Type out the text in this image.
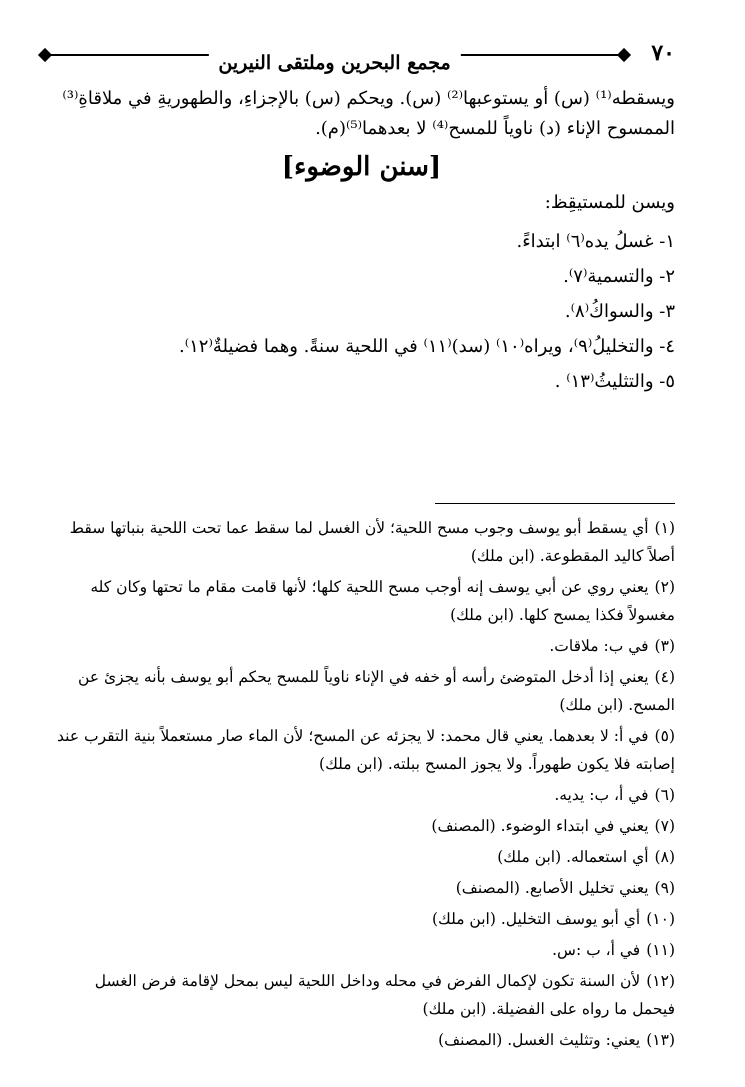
٧٠
مجمع البحرين وملتقى النيرين

ويسقطه⁽¹⁾ (س) أو يستوعبها⁽²⁾ (س). ويحكم (س) بالإجزاءِ، والطهوريةِ في ملاقاةِ⁽³⁾ الممسوح الإناء (د) ناوياً للمسح⁽⁴⁾ لا بعدهما⁽⁵⁾(م).

[سنن الوضوء]

ويسن للمستيقِظ:

١- غسلُ يده⁽٦⁾ ابتداءً.
٢- والتسمية⁽٧⁾.
٣- والسواكُ⁽٨⁾.
٤- والتخليلُ⁽٩⁾، ويراه⁽١٠⁾ (سد)⁽١١⁾ في اللحية سنةً. وهما فضيلةٌ⁽١٢⁾.
٥- والتثليثُ⁽١٣⁾ .

(١)أي يسقط أبو يوسف وجوب مسح اللحية؛ لأن الغسل لما سقط عما تحت اللحية بنباتها سقط أصلاً كاليد المقطوعة. (ابن ملك)

(٢)يعني روي عن أبي يوسف إنه أوجب مسح اللحية كلها؛ لأنها قامت مقام ما تحتها وكان كله مغسولاً فكذا يمسح كلها. (ابن ملك)

(٣)في ب: ملاقات.

(٤)يعني إذا أدخل المتوضئ رأسه أو خفه في الإناء ناوياً للمسح يحكم أبو يوسف بأنه يجزئ عن المسح. (ابن ملك)

(٥)في أ: لا بعدهما. يعني قال محمد: لا يجزئه عن المسح؛ لأن الماء صار مستعملاً بنية التقرب عند إصابته فلا يكون طهوراً. ولا يجوز المسح ببلته. (ابن ملك)

(٦)في أ، ب: يديه.

(٧)يعني في ابتداء الوضوء. (المصنف)

(٨)أي استعماله. (ابن ملك)

(٩)يعني تخليل الأصابع. (المصنف)

(١٠)أي أبو يوسف التخليل. (ابن ملك)

(١١)في أ، ب :س.

(١٢)لأن السنة تكون لإكمال الفرض في محله وداخل اللحية ليس بمحل لإقامة فرض الغسل فيحمل ما رواه على الفضيلة. (ابن ملك)

(١٣)يعني: وتثليث الغسل. (المصنف)
